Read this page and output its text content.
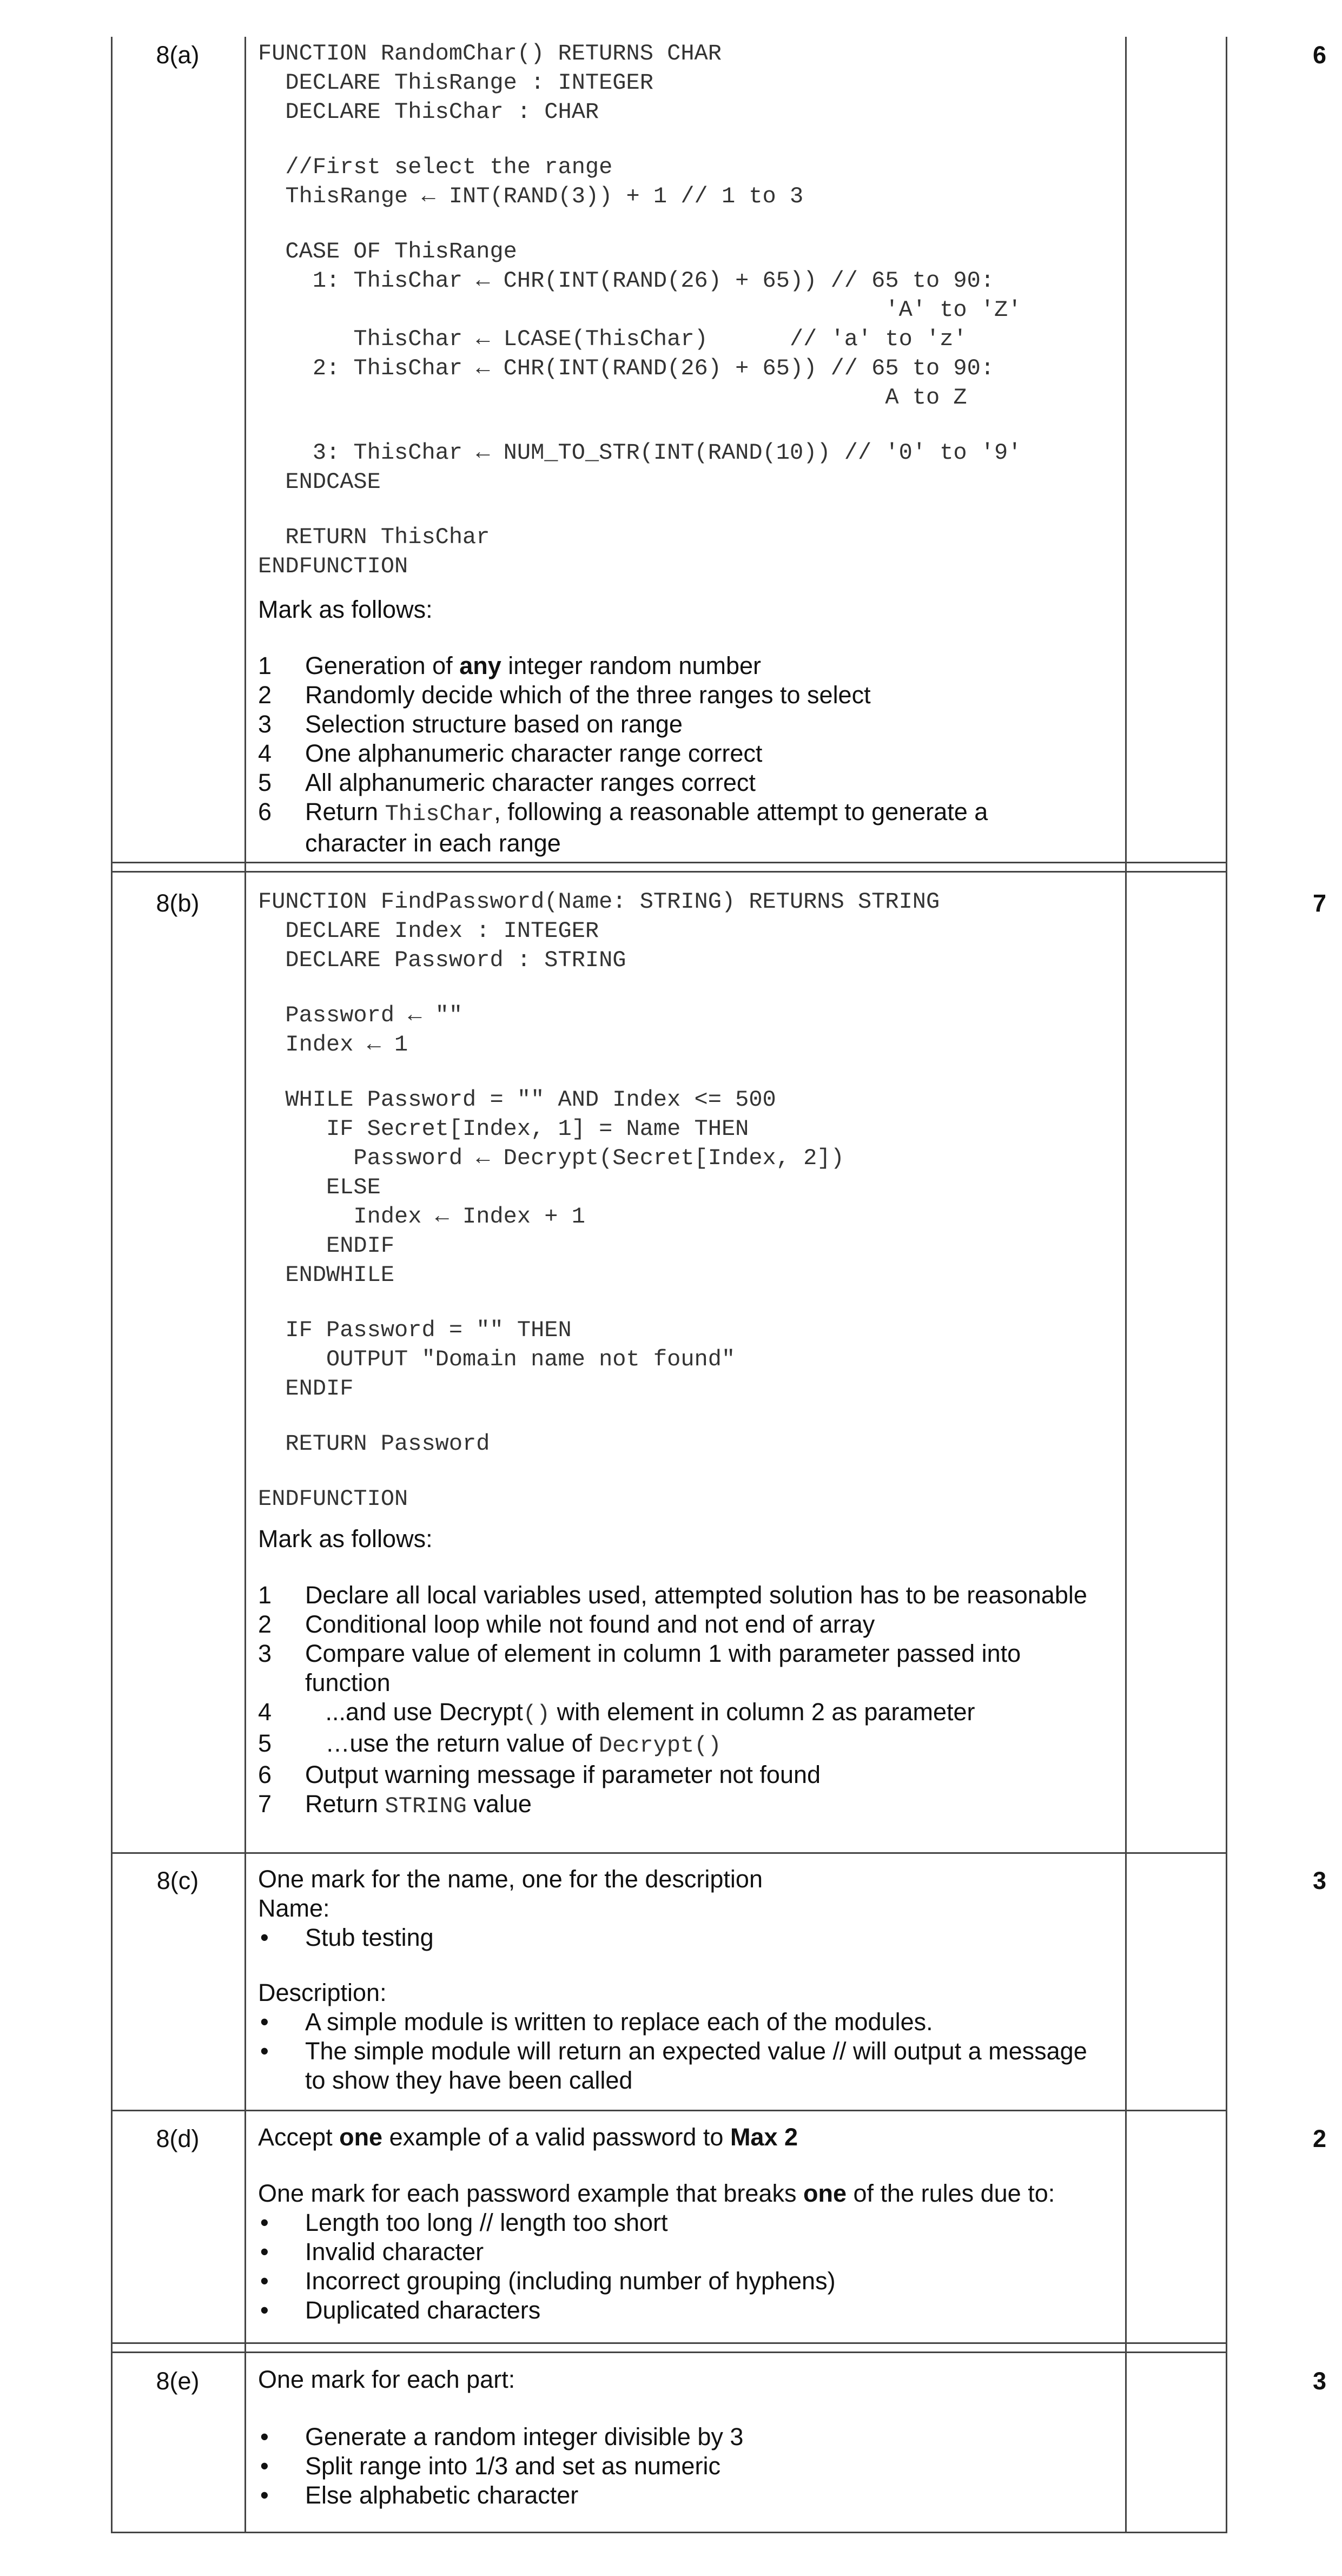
8(a)	6
FUNCTION RandomChar() RETURNS CHAR
DECLARE ThisRange : INTEGER
DECLARE ThisChar : CHAR
//First select the range
ThisRange ← INT(RAND(3)) + 1 // 1 to 3
CASE OF ThisRange
1: ThisChar ← CHR(INT(RAND(26) + 65)) // 65 to 90:
'A' to 'Z'
ThisChar ← LCASE(ThisChar)      // 'a' to 'z'
2: ThisChar ← CHR(INT(RAND(26) + 65)) // 65 to 90:
A to Z
3: ThisChar ← NUM_TO_STR(INT(RAND(10)) // '0' to '9'
ENDCASE
RETURN ThisChar
ENDFUNCTION
Mark as follows:
1	Generation of any integer random number
2	Randomly decide which of the three ranges to select
3	Selection structure based on range
4	One alphanumeric character range correct
5	All alphanumeric character ranges correct
6	Return ThisChar, following a reasonable attempt to generate a
character in each range
8(b)	7
FUNCTION FindPassword(Name: STRING) RETURNS STRING
DECLARE Index : INTEGER
DECLARE Password : STRING
Password ← ""
Index ← 1
WHILE Password = "" AND Index <= 500
IF Secret[Index, 1] = Name THEN
Password ← Decrypt(Secret[Index, 2])
ELSE
Index ← Index + 1
ENDIF
ENDWHILE
IF Password = "" THEN
OUTPUT "Domain name not found"
ENDIF
RETURN Password
ENDFUNCTION
Mark as follows:
1	Declare all local variables used, attempted solution has to be reasonable
2	Conditional loop while not found and not end of array
3	Compare value of element in column 1 with parameter passed into
function
4	...and use Decrypt() with element in column 2 as parameter
5	…use the return value of Decrypt()
6	Output warning message if parameter not found
7	Return STRING value
8(c)	3
One mark for the name, one for the description
Name:
•	Stub testing
Description:
•	A simple module is written to replace each of the modules.
•	The simple module will return an expected value // will output a message
to show they have been called
8(d)	2
Accept one example of a valid password to Max 2
One mark for each password example that breaks one of the rules due to:
•	Length too long // length too short
•	Invalid character
•	Incorrect grouping (including number of hyphens)
•	Duplicated characters
8(e)	3
One mark for each part:
•	Generate a random integer divisible by 3
•	Split range into 1/3 and set as numeric
•	Else alphabetic character
